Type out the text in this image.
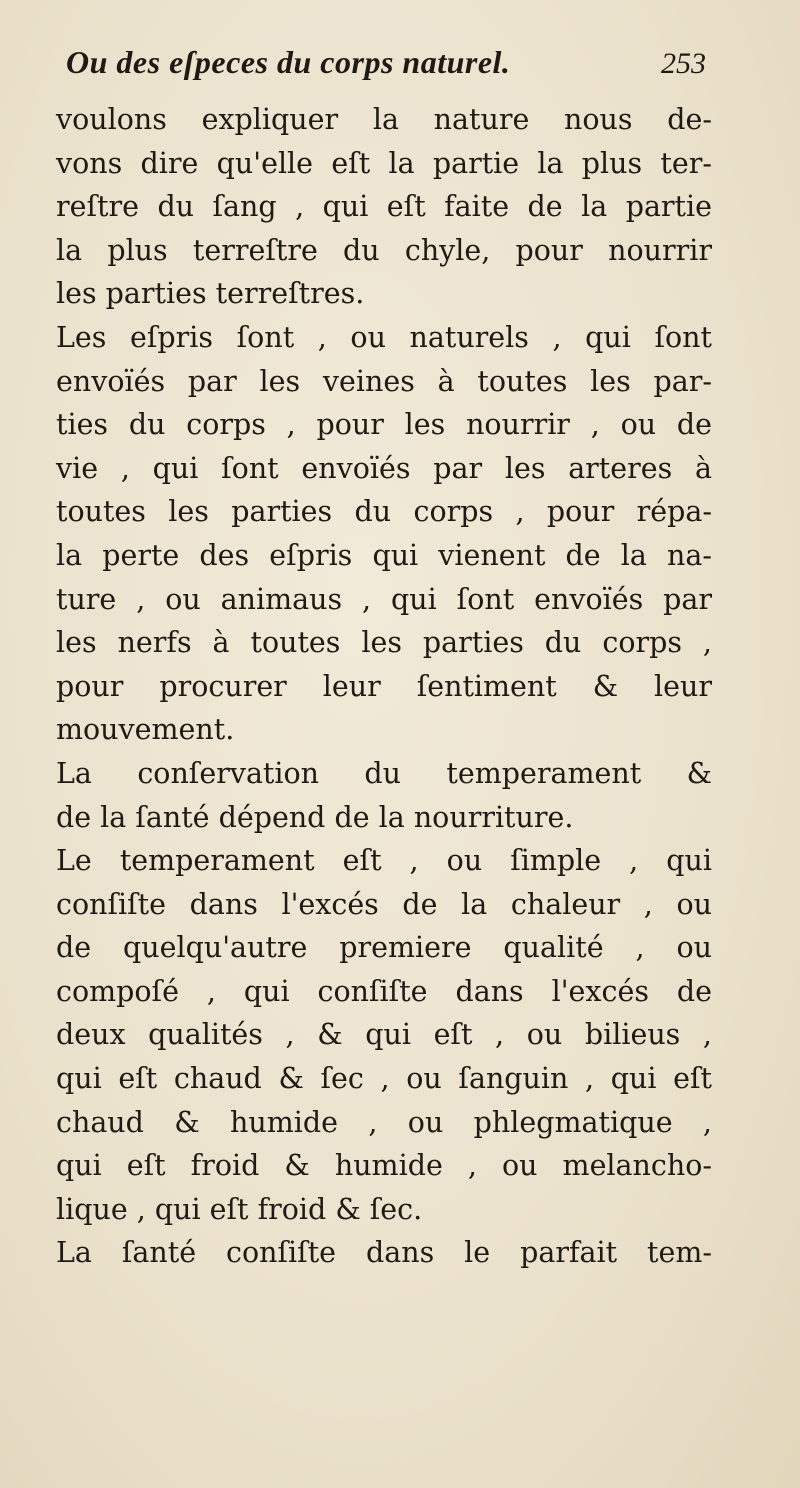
Ou des eſpeces du corps naturel.	253
voulons expliquer la nature nous de-
vons dire qu'elle eſt la partie la plus ter-
reſtre du ſang , qui eſt faite de la partie
la plus terreſtre du chyle, pour nourrir
les parties terreſtres.
Les eſpris ſont , ou naturels , qui ſont
envoïés par les veines à toutes les par-
ties du corps , pour les nourrir , ou de
vie , qui ſont envoïés par les arteres à
toutes les parties du corps , pour répa-
la perte des eſpris qui vienent de la na-
ture , ou animaus , qui ſont envoïés par
les nerfs à toutes les parties du corps ,
pour procurer leur ſentiment & leur
mouvement.
La conſervation du temperament &
de la ſanté dépend de la nourriture.
Le temperament eſt , ou ſimple , qui
conſiſte dans l'excés de la chaleur , ou
de quelqu'autre premiere qualité , ou
compoſé , qui conſiſte dans l'excés de
deux qualités , & qui eſt , ou bilieus ,
qui eſt chaud & ſec , ou ſanguin , qui eſt
chaud & humide , ou phlegmatique ,
qui eſt froid & humide , ou melancho-
lique , qui eſt froid & ſec.
La ſanté conſiſte dans le parfait tem-
